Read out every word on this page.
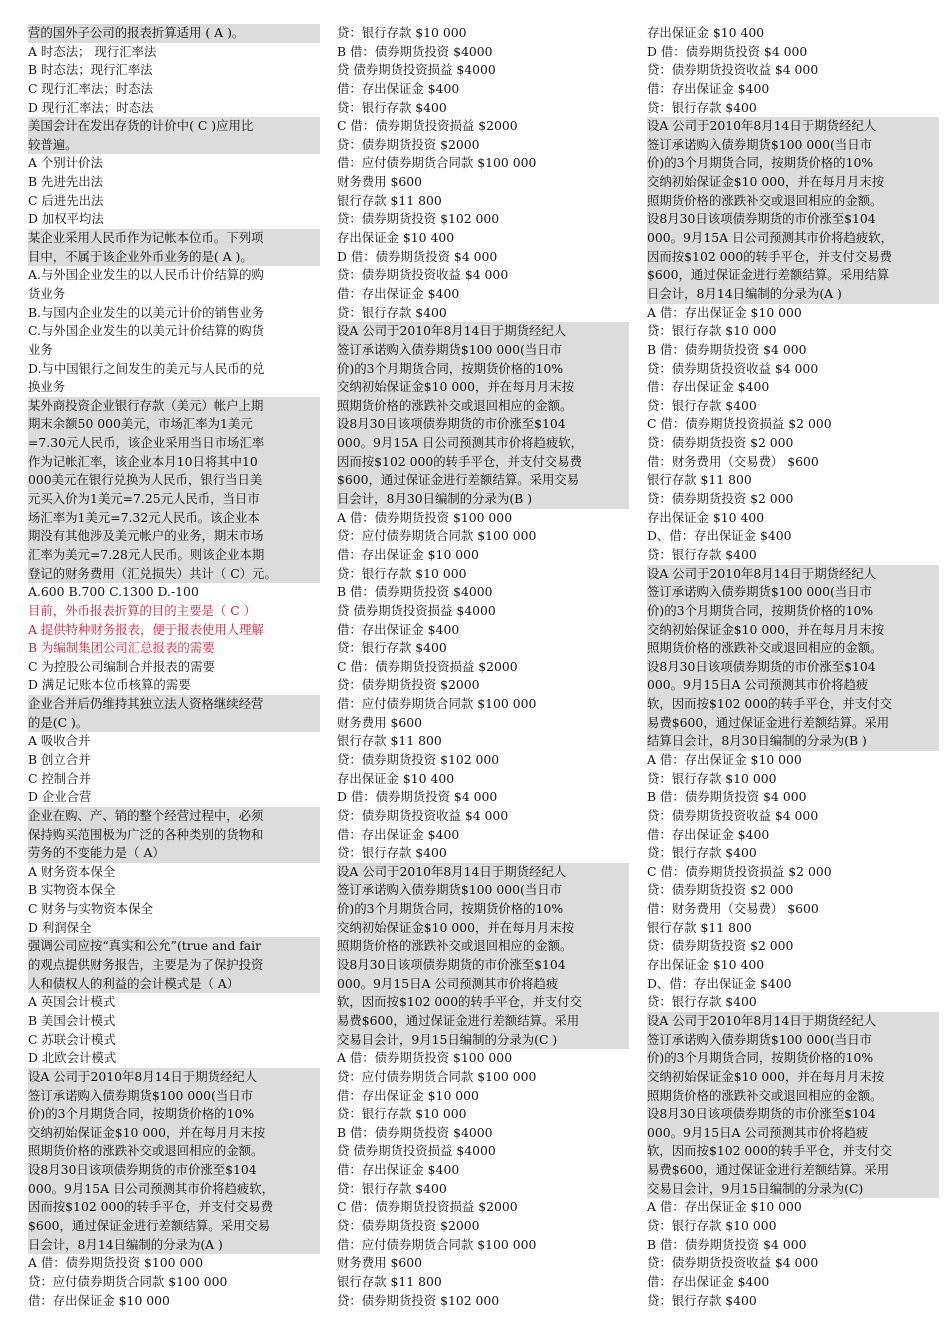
营的国外子公司的报表折算适用 ( A )。
A 时态法； 现行汇率法
B 时态法；现行汇率法
C 现行汇率法；时态法
D 现行汇率法；时态法
美国会计在发出存货的计价中( C )应用比
较普遍。
A 个别计价法
B 先进先出法
C 后进先出法
D 加权平均法
某企业采用人民币作为记帐本位币。下列项
目中，不属于该企业外币业务的是( A )。
A.与外国企业发生的以人民币计价结算的购
货业务
B.与国内企业发生的以美元计价的销售业务
C.与外国企业发生的以美元计价结算的购货
业务
D.与中国银行之间发生的美元与人民币的兑
换业务
某外商投资企业银行存款（美元）帐户上期
期末余额50 000美元，市场汇率为1美元
=7.30元人民币，该企业采用当日市场汇率
作为记帐汇率，该企业本月10日将其中10
000美元在银行兑换为人民币，银行当日美
元买入价为1美元=7.25元人民币，当日市
场汇率为1美元=7.32元人民币。该企业本
期没有其他涉及美元帐户的业务，期末市场
汇率为美元=7.28元人民币。则该企业本期
登记的财务费用（汇兑损失）共计（ C）元。
A.600 B.700 C.1300 D.-100
目前，外币报表折算的目的主要是（ C ）
A 提供特种财务报表，便于报表使用人理解
B 为编制集团公司汇总报表的需要
C 为控股公司编制合并报表的需要
D 满足记账本位币核算的需要
企业合并后仍维持其独立法人资格继续经营
的是(C )。
A 吸收合并
B 创立合并
C 控制合并
D 企业合营
企业在购、产、销的整个经营过程中，必须
保持购买范围极为广泛的各种类别的货物和
劳务的不变能力是（ A）
A 财务资本保全
B 实物资本保全
C 财务与实物资本保全
D 利润保全
强调公司应按“真实和公允”(true and fair
的观点提供财务报告，主要是为了保护投资
人和债权人的利益的会计模式是（ A）
A 英国会计模式
B 美国会计模式
C 苏联会计模式
D 北欧会计模式
设A 公司于2010年8月14日于期货经纪人
签订承诺购入债券期货$100 000(当日市
价)的3个月期货合同，按期货价格的10%
交纳初始保证金$10 000，并在每月月末按
照期货价格的涨跌补交或退回相应的金额。
设8月30日该项债券期货的市价涨至$104
000。9月15A 日公司预测其市价将趋疲软，
因而按$102 000的转手平仓，并支付交易费
$600，通过保证金进行差额结算。采用交易
日会计，8月14日编制的分录为(A )
A 借：债券期货投资 $100 000
贷：应付债券期货合同款 $100 000
借：存出保证金 $10 000
贷：银行存款 $10 000
B 借：债券期货投资 $4000
贷 债券期货投资损益 $4000
借：存出保证金 $400
贷：银行存款 $400
C 借：债券期货投资损益 $2000
贷：债券期货投资 $2000
借：应付债券期货合同款 $100 000
财务费用 $600
银行存款 $11 800
贷：债券期货投资 $102 000
存出保证金 $10 400
D 借：债券期货投资 $4 000
贷：债券期货投资收益 $4 000
借：存出保证金 $400
贷：银行存款 $400
设A 公司于2010年8月14日于期货经纪人
签订承诺购入债券期货$100 000(当日市
价)的3个月期货合同，按期货价格的10%
交纳初始保证金$10 000，并在每月月末按
照期货价格的涨跌补交或退回相应的金额。
设8月30日该项债券期货的市价涨至$104
000。9月15A 日公司预测其市价将趋疲软，
因而按$102 000的转手平仓，并支付交易费
$600，通过保证金进行差额结算。采用交易
日会计，8月30日编制的分录为(B )
A 借：债券期货投资 $100 000
贷：应付债券期货合同款 $100 000
借：存出保证金 $10 000
贷：银行存款 $10 000
B 借：债券期货投资 $4000
贷 债券期货投资损益 $4000
借：存出保证金 $400
贷：银行存款 $400
C 借：债券期货投资损益 $2000
贷：债券期货投资 $2000
借：应付债券期货合同款 $100 000
财务费用 $600
银行存款 $11 800
贷：债券期货投资 $102 000
存出保证金 $10 400
D 借：债券期货投资 $4 000
贷：债券期货投资收益 $4 000
借：存出保证金 $400
贷：银行存款 $400
设A 公司于2010年8月14日于期货经纪人
签订承诺购入债券期货$100 000(当日市
价)的3个月期货合同，按期货价格的10%
交纳初始保证金$10 000，并在每月月末按
照期货价格的涨跌补交或退回相应的金额。
设8月30日该项债券期货的市价涨至$104
000。9月15日A 公司预测其市价将趋疲
软，因而按$102 000的转手平仓，并支付交
易费$600，通过保证金进行差额结算。采用
交易日会计，9月15日编制的分录为(C )
A 借：债券期货投资 $100 000
贷：应付债券期货合同款 $100 000
借：存出保证金 $10 000
贷：银行存款 $10 000
B 借：债券期货投资 $4000
贷 债券期货投资损益 $4000
借：存出保证金 $400
贷：银行存款 $400
C 借：债券期货投资损益 $2000
贷：债券期货投资 $2000
借：应付债券期货合同款 $100 000
财务费用 $600
银行存款 $11 800
贷：债券期货投资 $102 000
存出保证金 $10 400
D 借：债券期货投资 $4 000
贷：债券期货投资收益 $4 000
借：存出保证金 $400
贷：银行存款 $400
设A 公司于2010年8月14日于期货经纪人
签订承诺购入债券期货$100 000(当日市
价)的3个月期货合同，按期货价格的10%
交纳初始保证金$10 000，并在每月月末按
照期货价格的涨跌补交或退回相应的金额。
设8月30日该项债券期货的市价涨至$104
000。9月15A 日公司预测其市价将趋疲软，
因而按$102 000的转手平仓，并支付交易费
$600，通过保证金进行差额结算。采用结算
日会计，8月14日编制的分录为(A )
A 借：存出保证金 $10 000
贷：银行存款 $10 000
B 借：债券期货投资 $4 000
贷：债券期货投资收益 $4 000
借：存出保证金 $400
贷：银行存款 $400
C 借：债券期货投资损益 $2 000
贷：债券期货投资 $2 000
借：财务费用（交易费） $600
银行存款 $11 800
贷：债券期货投资 $2 000
存出保证金 $10 400
D、借：存出保证金 $400
贷：银行存款 $400
设A 公司于2010年8月14日于期货经纪人
签订承诺购入债券期货$100 000(当日市
价)的3个月期货合同，按期货价格的10%
交纳初始保证金$10 000，并在每月月末按
照期货价格的涨跌补交或退回相应的金额。
设8月30日该项债券期货的市价涨至$104
000。9月15日A 公司预测其市价将趋疲
软，因而按$102 000的转手平仓，并支付交
易费$600，通过保证金进行差额结算。采用
结算日会计，8月30日编制的分录为(B )
A 借：存出保证金 $10 000
贷：银行存款 $10 000
B 借：债券期货投资 $4 000
贷：债券期货投资收益 $4 000
借：存出保证金 $400
贷：银行存款 $400
C 借：债券期货投资损益 $2 000
贷：债券期货投资 $2 000
借：财务费用（交易费） $600
银行存款 $11 800
贷：债券期货投资 $2 000
存出保证金 $10 400
D、借：存出保证金 $400
贷：银行存款 $400
设A 公司于2010年8月14日于期货经纪人
签订承诺购入债券期货$100 000(当日市
价)的3个月期货合同，按期货价格的10%
交纳初始保证金$10 000，并在每月月末按
照期货价格的涨跌补交或退回相应的金额。
设8月30日该项债券期货的市价涨至$104
000。9月15日A 公司预测其市价将趋疲
软，因而按$102 000的转手平仓，并支付交
易费$600，通过保证金进行差额结算。采用
交易日会计，9月15日编制的分录为(C)
A 借：存出保证金 $10 000
贷：银行存款 $10 000
B 借：债券期货投资 $4 000
贷：债券期货投资收益 $4 000
借：存出保证金 $400
贷：银行存款 $400
